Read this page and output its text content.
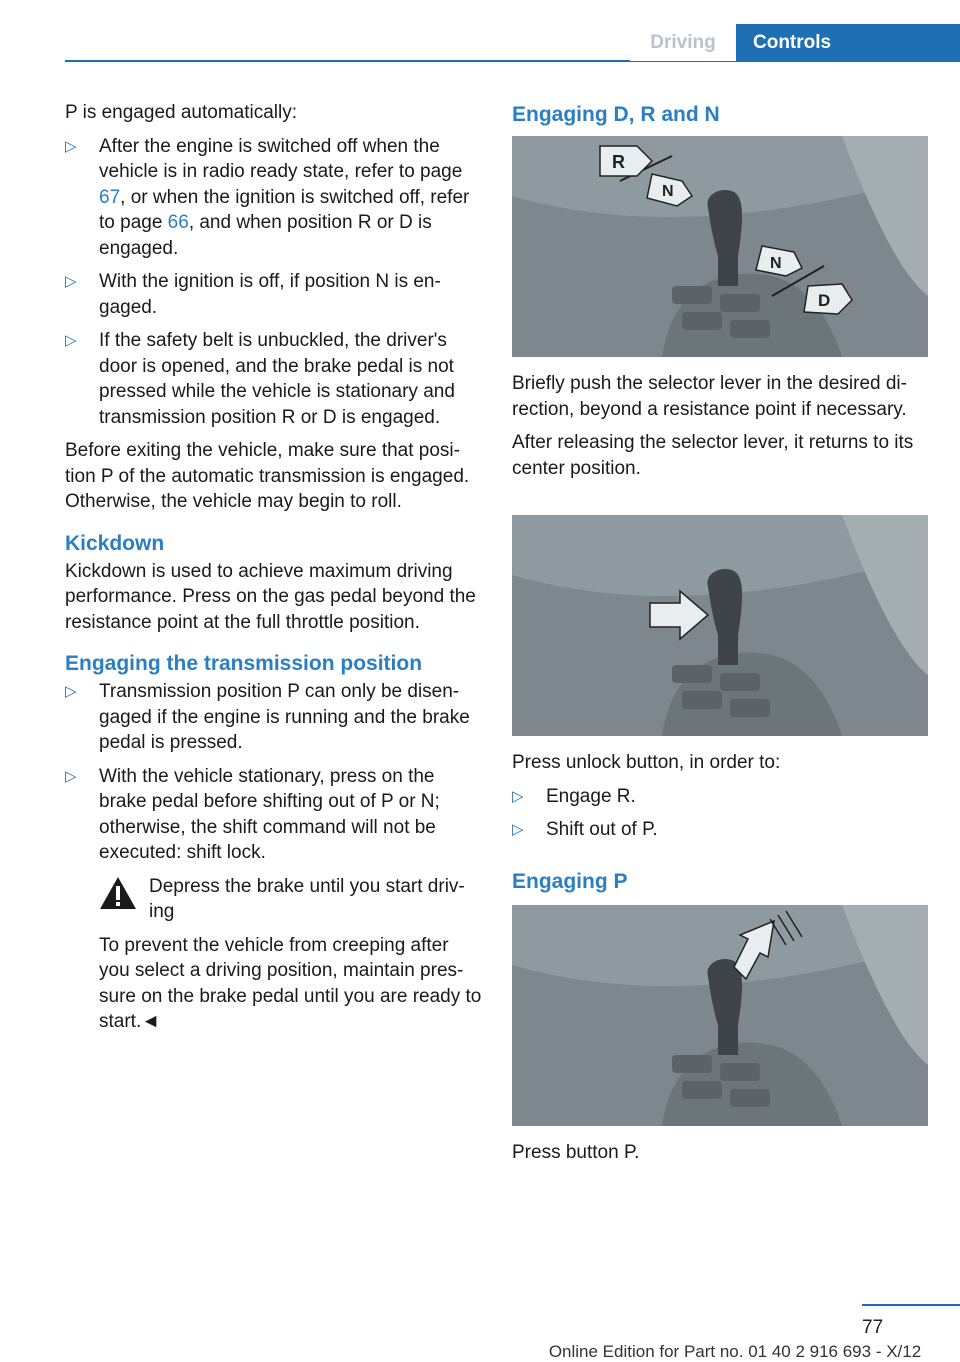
Driving	Controls

P is engaged automatically:

▷ After the engine is switched off when the vehicle is in radio ready state, refer to page 67, or when the ignition is switched off, refer to page 66, and when position R or D is engaged.
▷ With the ignition is off, if position N is en‐gaged.
▷ If the safety belt is unbuckled, the driver's door is opened, and the brake pedal is not pressed while the vehicle is stationary and transmission position R or D is engaged.

Before exiting the vehicle, make sure that posi‐tion P of the automatic transmission is engaged. Otherwise, the vehicle may begin to roll.

Kickdown

Kickdown is used to achieve maximum driving performance. Press on the gas pedal beyond the resistance point at the full throttle position.

Engaging the transmission position
▷ Transmission position P can only be disen‐gaged if the engine is running and the brake pedal is pressed.
▷ With the vehicle stationary, press on the brake pedal before shifting out of P or N; otherwise, the shift command will not be executed: shift lock.
Depress the brake until you start driv‐ing

To prevent the vehicle from creeping after you select a driving position, maintain pres‐sure on the brake pedal until you are ready to start.◄

Engaging D, R and N
R
N
N
D

Briefly push the selector lever in the desired di‐rection, beyond a resistance point if necessary.

After releasing the selector lever, it returns to its center position.

Press unlock button, in order to:

▷ Engage R.
▷ Shift out of P.
Engaging P

Press button P.

77
Online Edition for Part no. 01 40 2 916 693 - X/12
